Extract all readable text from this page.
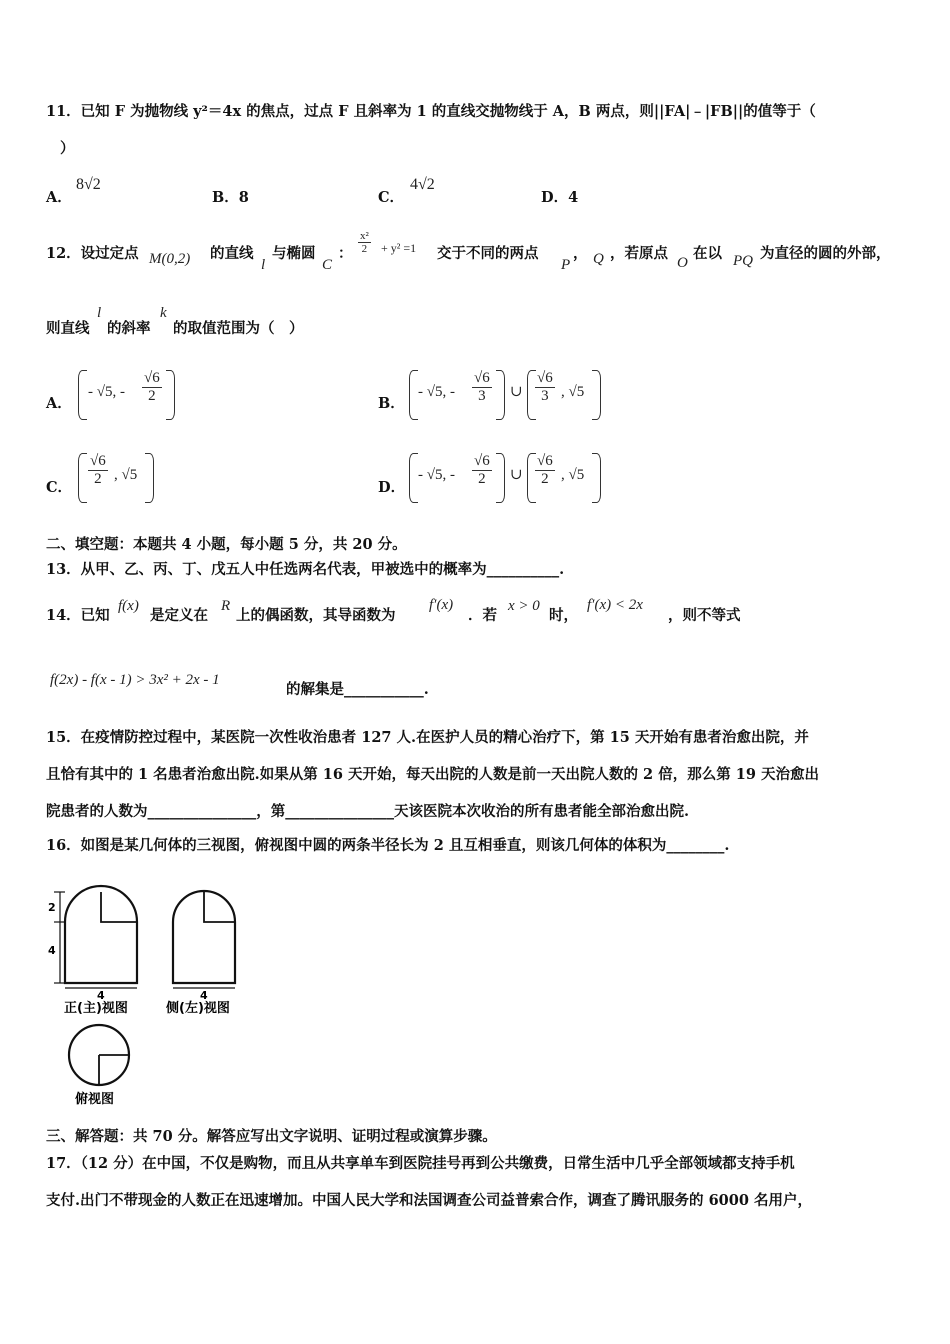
11．已知 F 为抛物线 y²＝4x 的焦点，过点 F 且斜率为 1 的直线交抛物线于 A，B 两点，则||FA|﹣|FB||的值等于（
）
A．
8√2
B．8	C．
4√2
D．4
12．设过定点 M(0,2) 的直线
l
与椭圆
C
： $\frac{\text{x²}}{2} + y^2 =1$ 交于不同的两点
P
， Q ，若原点
O
在以 PQ 为直径的圆的外部，
则直线
l
的斜率
k
的取值范围为（　）
A．
- √5, - $\frac{√6}{2}$	B．
- √5, - $\frac{√6}{3}$ ∪ $\frac{√6}{3}$ , √5
C． $\frac{√6}{2}$ , √5
D．
- √5, - $\frac{√6}{2}$ ∪ $\frac{√6}{2}$ , √5
二、填空题：本题共 4 小题，每小题 5 分，共 20 分。
13．从甲、乙、丙、丁、戊五人中任选两名代表，甲被选中的概率为__________.
14．已知
f(x)
是定义在
R
上的偶函数，其导函数为
f′(x)
．若
x > 0
时，
f′(x) < 2x
，则不等式
f(2x) - f(x - 1) > 3x² + 2x - 1
的解集是___________.
15．在疫情防控过程中，某医院一次性收治患者 127 人.在医护人员的精心治疗下，第 15 天开始有患者治愈出院，并
且恰有其中的 1 名患者治愈出院.如果从第 16 天开始，每天出院的人数是前一天出院人数的 2 倍，那么第 19 天治愈出
院患者的人数为_______________，第_______________天该医院本次收治的所有患者能全部治愈出院.
16．如图是某几何体的三视图，俯视图中圆的两条半径长为 2 且互相垂直，则该几何体的体积为________.
2
4
4
正(主)视图
4
侧(左)视图
俯视图
三、解答题：共 70 分。解答应写出文字说明、证明过程或演算步骤。
17．（12 分）在中国，不仅是购物，而且从共享单车到医院挂号再到公共缴费，日常生活中几乎全部领域都支持手机
支付.出门不带现金的人数正在迅速增加。中国人民大学和法国调查公司益普索合作，调查了腾讯服务的 6000 名用户，
